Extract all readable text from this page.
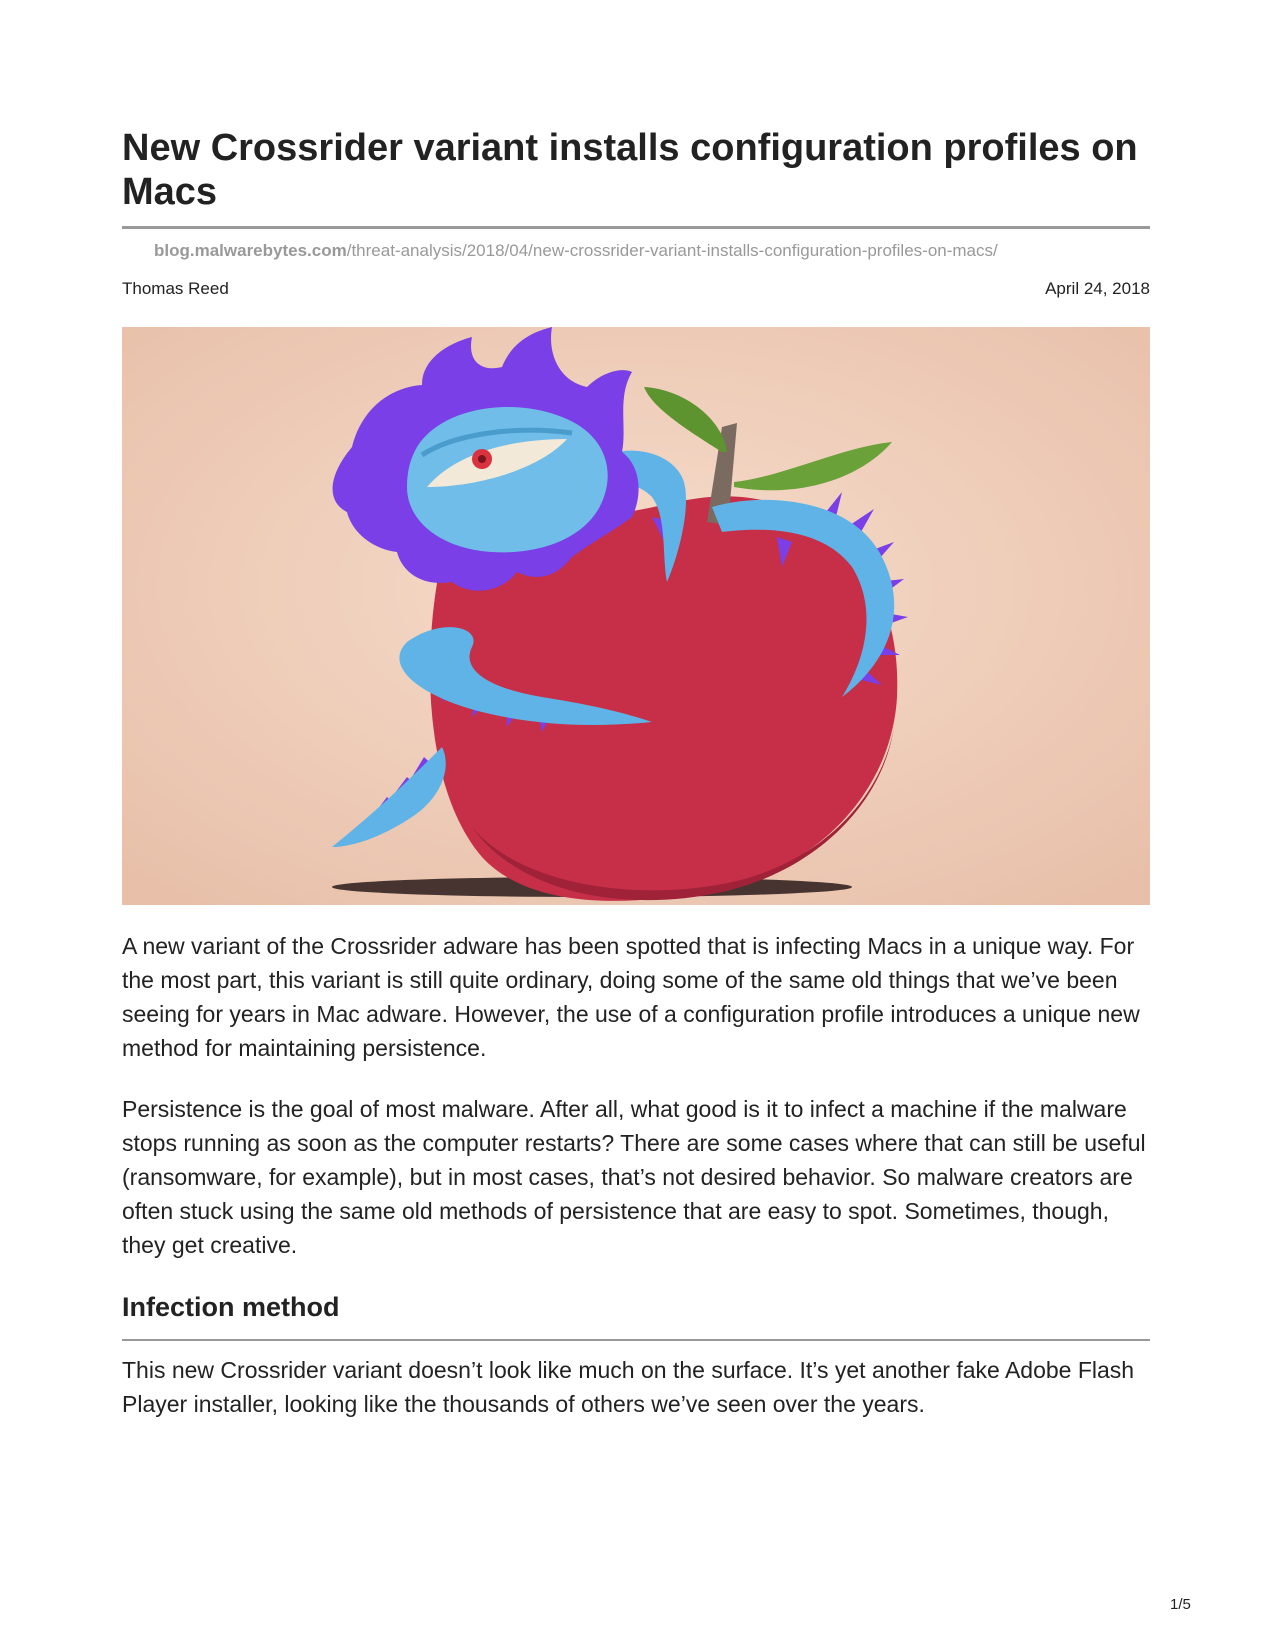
New Crossrider variant installs configuration profiles on Macs
blog.malwarebytes.com/threat-analysis/2018/04/new-crossrider-variant-installs-configuration-profiles-on-macs/
Thomas Reed	April 24, 2018

A new variant of the Crossrider adware has been spotted that is infecting Macs in a unique way. For the most part, this variant is still quite ordinary, doing some of the same old things that we’ve been seeing for years in Mac adware. However, the use of a configuration profile introduces a unique new method for maintaining persistence.

Persistence is the goal of most malware. After all, what good is it to infect a machine if the malware stops running as soon as the computer restarts? There are some cases where that can still be useful (ransomware, for example), but in most cases, that’s not desired behavior. So malware creators are often stuck using the same old methods of persistence that are easy to spot. Sometimes, though, they get creative.

Infection method

This new Crossrider variant doesn’t look like much on the surface. It’s yet another fake Adobe Flash Player installer, looking like the thousands of others we’ve seen over the years.

1/5
